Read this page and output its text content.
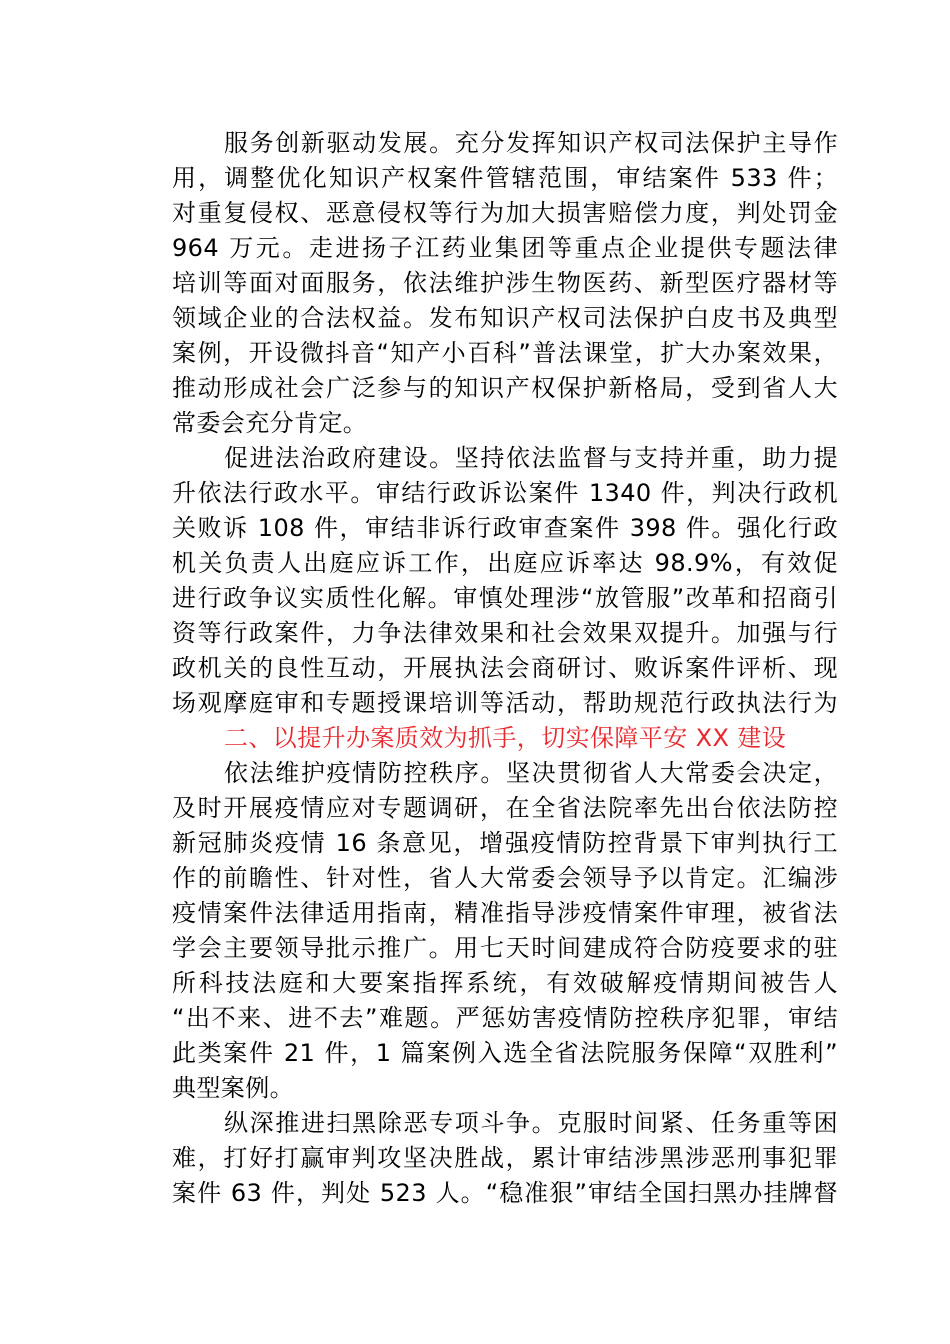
服务创新驱动发展。充分发挥知识产权司法保护主导作
用，调整优化知识产权案件管辖范围，审结案件 533 件；
对重复侵权、恶意侵权等行为加大损害赔偿力度，判处罚金
964 万元。走进扬子江药业集团等重点企业提供专题法律
培训等面对面服务，依法维护涉生物医药、新型医疗器材等
领域企业的合法权益。发布知识产权司法保护白皮书及典型
案例，开设微抖音“知产小百科”普法课堂，扩大办案效果，
推动形成社会广泛参与的知识产权保护新格局，受到省人大
常委会充分肯定。
促进法治政府建设。坚持依法监督与支持并重，助力提
升依法行政水平。审结行政诉讼案件 1340 件，判决行政机
关败诉 108 件，审结非诉行政审查案件 398 件。强化行政
机关负责人出庭应诉工作，出庭应诉率达 98.9%，有效促
进行政争议实质性化解。审慎处理涉“放管服”改革和招商引
资等行政案件，力争法律效果和社会效果双提升。加强与行
政机关的良性互动，开展执法会商研讨、败诉案件评析、现
场观摩庭审和专题授课培训等活动，帮助规范行政执法行为
二、以提升办案质效为抓手，切实保障平安 XX 建设
依法维护疫情防控秩序。坚决贯彻省人大常委会决定，
及时开展疫情应对专题调研，在全省法院率先出台依法防控
新冠肺炎疫情 16 条意见，增强疫情防控背景下审判执行工
作的前瞻性、针对性，省人大常委会领导予以肯定。汇编涉
疫情案件法律适用指南，精准指导涉疫情案件审理，被省法
学会主要领导批示推广。用七天时间建成符合防疫要求的驻
所科技法庭和大要案指挥系统，有效破解疫情期间被告人
“出不来、进不去”难题。严惩妨害疫情防控秩序犯罪，审结
此类案件 21 件，1 篇案例入选全省法院服务保障“双胜利”
典型案例。
纵深推进扫黑除恶专项斗争。克服时间紧、任务重等困
难，打好打赢审判攻坚决胜战，累计审结涉黑涉恶刑事犯罪
案件 63 件，判处 523 人。“稳准狠”审结全国扫黑办挂牌督
